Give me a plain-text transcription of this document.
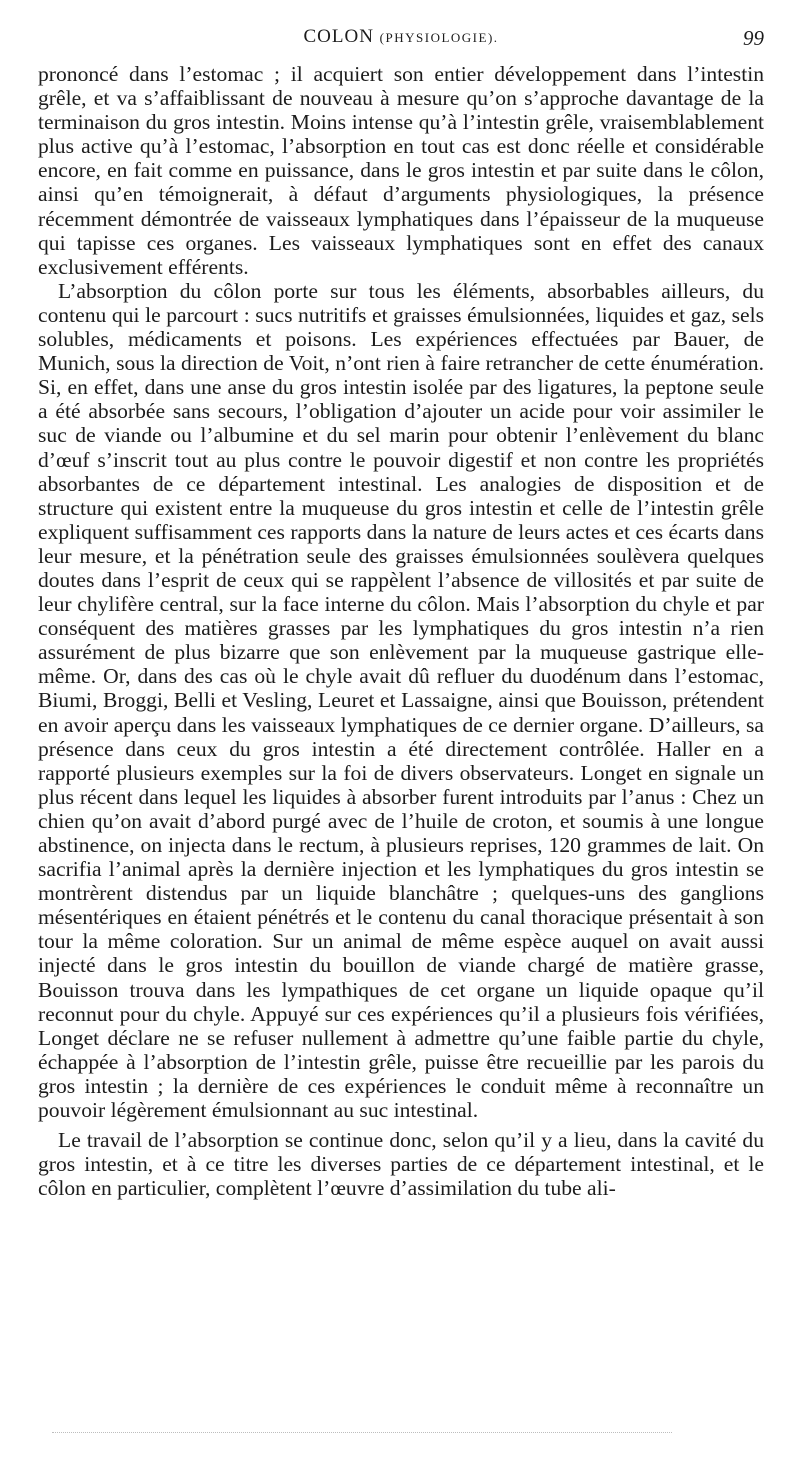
COLON (PHYSIOLOGIE).	99

prononcé dans l’estomac ; il acquiert son entier développement dans l’intestin grêle, et va s’affaiblissant de nouveau à mesure qu’on s’approche davantage de la terminaison du gros intestin. Moins intense qu’à l’intestin grêle, vraisemblablement plus active qu’à l’estomac, l’absorption en tout cas est donc réelle et considérable encore, en fait comme en puissance, dans le gros intestin et par suite dans le côlon, ainsi qu’en témoignerait, à défaut d’arguments physiologiques, la présence récemment démontrée de vaisseaux lymphatiques dans l’épaisseur de la muqueuse qui tapisse ces organes. Les vaisseaux lymphatiques sont en effet des canaux exclusivement efférents.

L’absorption du côlon porte sur tous les éléments, absorbables ailleurs, du contenu qui le parcourt : sucs nutritifs et graisses émulsionnées, liquides et gaz, sels solubles, médicaments et poisons. Les expériences effectuées par Bauer, de Munich, sous la direction de Voit, n’ont rien à faire retrancher de cette énumération. Si, en effet, dans une anse du gros intestin isolée par des ligatures, la peptone seule a été absorbée sans secours, l’obligation d’ajouter un acide pour voir assimiler le suc de viande ou l’albumine et du sel marin pour obtenir l’enlèvement du blanc d’œuf s’inscrit tout au plus contre le pouvoir digestif et non contre les propriétés absorbantes de ce département intestinal. Les analogies de disposition et de structure qui existent entre la muqueuse du gros intestin et celle de l’intestin grêle expliquent suffisamment ces rapports dans la nature de leurs actes et ces écarts dans leur mesure, et la pénétration seule des graisses émulsionnées soulèvera quelques doutes dans l’esprit de ceux qui se rappèlent l’absence de villosités et par suite de leur chylifère central, sur la face interne du côlon. Mais l’absorption du chyle et par conséquent des matières grasses par les lymphatiques du gros intestin n’a rien assurément de plus bizarre que son enlèvement par la muqueuse gastrique elle-même. Or, dans des cas où le chyle avait dû refluer du duodénum dans l’estomac, Biumi, Broggi, Belli et Vesling, Leuret et Lassaigne, ainsi que Bouisson, prétendent en avoir aperçu dans les vaisseaux lymphatiques de ce dernier organe. D’ailleurs, sa présence dans ceux du gros intestin a été directement contrôlée. Haller en a rapporté plusieurs exemples sur la foi de divers observateurs. Longet en signale un plus récent dans lequel les liquides à absorber furent introduits par l’anus : Chez un chien qu’on avait d’abord purgé avec de l’huile de croton, et soumis à une longue abstinence, on injecta dans le rectum, à plusieurs reprises, 120 grammes de lait. On sacrifia l’animal après la dernière injection et les lymphatiques du gros intestin se montrèrent distendus par un liquide blanchâtre ; quelques-uns des ganglions mésentériques en étaient pénétrés et le contenu du canal thoracique présentait à son tour la même coloration. Sur un animal de même espèce auquel on avait aussi injecté dans le gros intestin du bouillon de viande chargé de matière grasse, Bouisson trouva dans les lympathiques de cet organe un liquide opaque qu’il reconnut pour du chyle. Appuyé sur ces expériences qu’il a plusieurs fois vérifiées, Longet déclare ne se refuser nullement à admettre qu’une faible partie du chyle, échappée à l’absorption de l’intestin grêle, puisse être recueillie par les parois du gros intestin ; la dernière de ces expériences le conduit même à reconnaître un pouvoir légèrement émulsionnant au suc intestinal.

Le travail de l’absorption se continue donc, selon qu’il y a lieu, dans la cavité du gros intestin, et à ce titre les diverses parties de ce département intestinal, et le côlon en particulier, complètent l’œuvre d’assimilation du tube ali-
